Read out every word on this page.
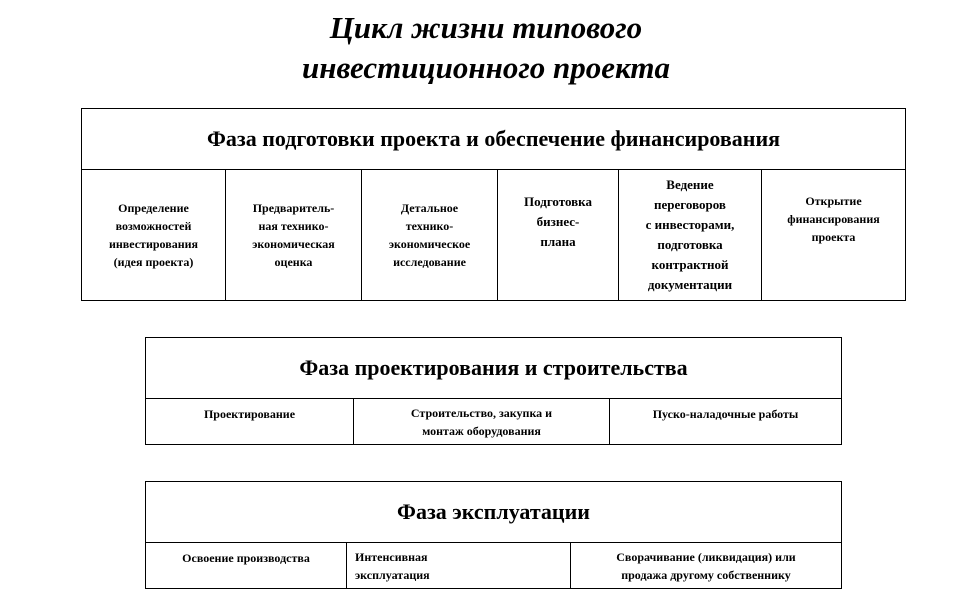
Цикл жизни типового
инвестиционного проекта
Фаза подготовки проекта и обеспечение финансирования
Определение
возможностей
инвестирования
(идея проекта)
Предваритель-
ная технико-
экономическая
оценка
Детальное
технико-
экономическое
исследование
Подготовка
бизнес-
плана
Ведение
переговоров
с инвесторами,
подготовка
контрактной
документации
Открытие
финансирования
проекта
Фаза проектирования и строительства
Проектирование	Строительство, закупка и
монтаж оборудования
Пуско-наладочные работы
Фаза эксплуатации
Освоение производства	Интенсивная
эксплуатация
Сворачивание (ликвидация) или
продажа другому собственнику
